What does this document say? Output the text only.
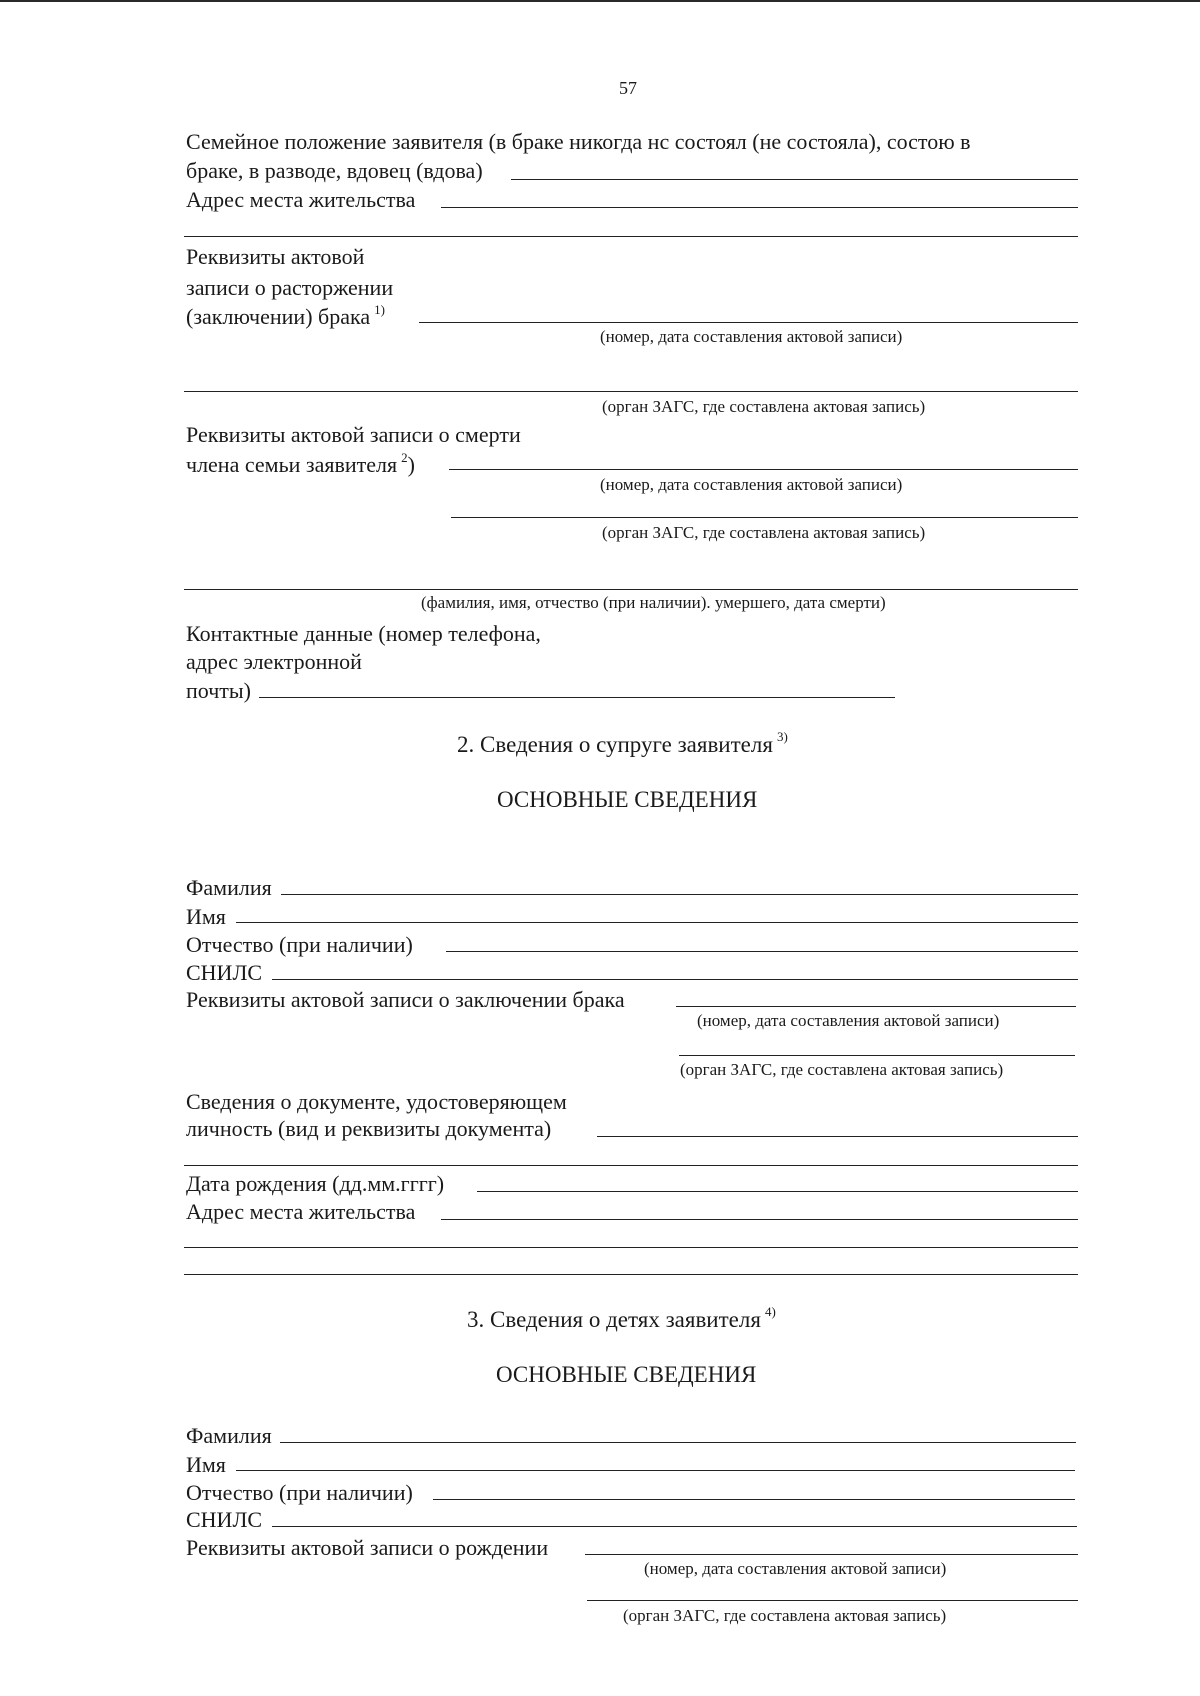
57
Семейное положение заявителя (в браке никогда нс состоял (не состояла), состою в
браке, в разводе, вдовец (вдова)
Адрес места жительства
Реквизиты актовой
записи о расторжении
(заключении) брака $^{1)}$
(номер, дата составления актовой записи)
(орган ЗАГС, где составлена актовая запись)
Реквизиты актовой записи о смерти
члена семьи заявителя $^2$)
(номер, дата составления актовой записи)
(орган ЗАГС, где составлена актовая запись)
(фамилия, имя, отчество (при наличии). умершего, дата смерти)
Контактные данные (номер телефона,
адрес электронной
почты)
2. Сведения о супруге заявителя $^{3)}$
ОСНОВНЫЕ СВЕДЕНИЯ
Фамилия
Имя
Отчество (при наличии)
СНИЛС
Реквизиты актовой записи о заключении брака
(номер, дата составления актовой записи)
(орган ЗАГС, где составлена актовая запись)
Сведения о документе, удостоверяющем
личность (вид и реквизиты документа)
Дата рождения (дд.мм.гггг)
Адрес места жительства
3. Сведения о детях заявителя $^{4)}$
ОСНОВНЫЕ СВЕДЕНИЯ
Фамилия
Имя
Отчество (при наличии)
СНИЛС
Реквизиты актовой записи о рождении
(номер, дата составления актовой записи)
(орган ЗАГС, где составлена актовая запись)
